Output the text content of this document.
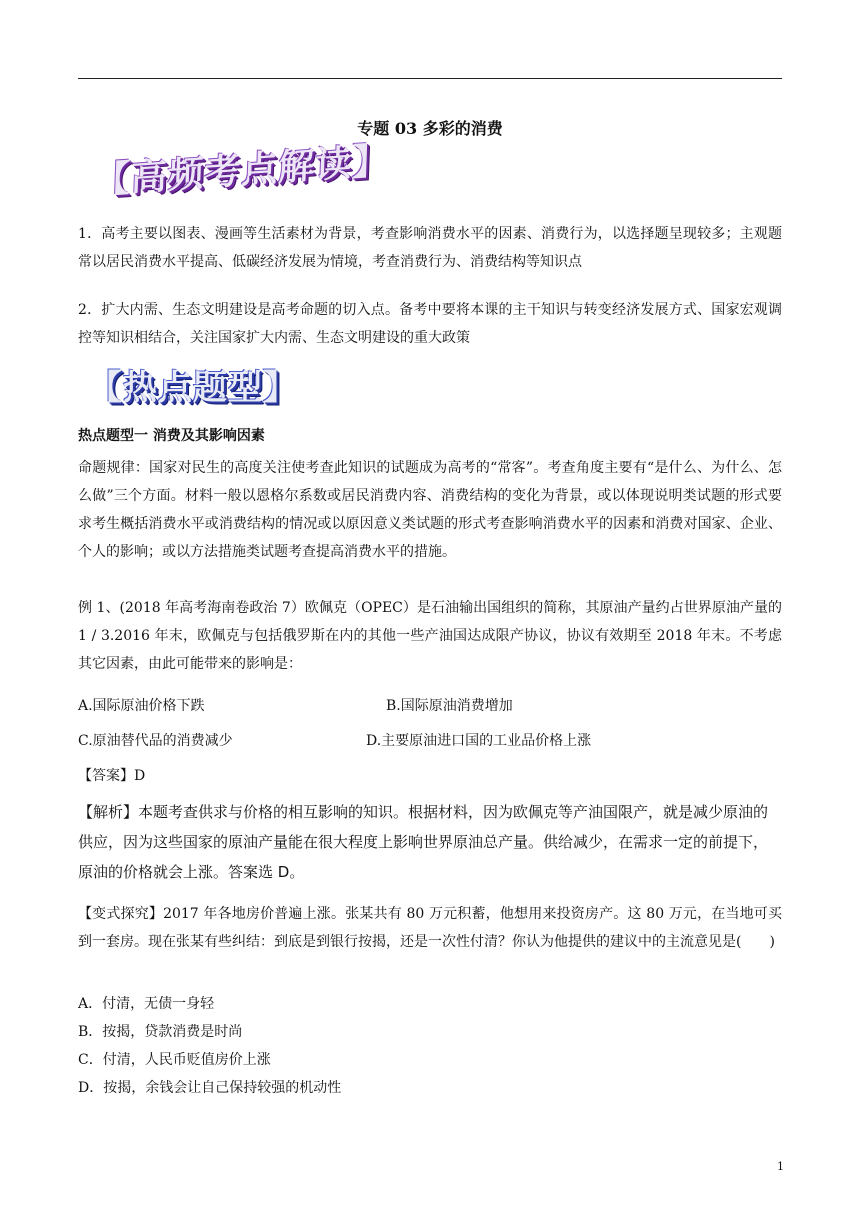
专题 03 多彩的消费
【高频考点解读】
1．高考主要以图表、漫画等生活素材为背景，考查影响消费水平的因素、消费行为，以选择题呈现较多；主观题常以居民消费水平提高、低碳经济发展为情境，考查消费行为、消费结构等知识点
2．扩大内需、生态文明建设是高考命题的切入点。备考中要将本课的主干知识与转变经济发展方式、国家宏观调控等知识相结合，关注国家扩大内需、生态文明建设的重大政策
【热点题型】
热点题型一 消费及其影响因素
命题规律：国家对民生的高度关注使考查此知识的试题成为高考的“常客”。考查角度主要有“是什么、为什么、怎么做”三个方面。材料一般以恩格尔系数或居民消费内容、消费结构的变化为背景，或以体现说明类试题的形式要求考生概括消费水平或消费结构的情况或以原因意义类试题的形式考查影响消费水平的因素和消费对国家、企业、个人的影响；或以方法措施类试题考查提高消费水平的措施。
例 1、(2018 年高考海南卷政治 7）欧佩克（OPEC）是石油输出国组织的简称，其原油产量约占世界原油产量的 1 / 3.2016 年末，欧佩克与包括俄罗斯在内的其他一些产油国达成限产协议，协议有效期至 2018 年末。不考虑其它因素，由此可能带来的影响是：
A.国际原油价格下跌	B.国际原油消费增加
C.原油替代品的消费减少	D.主要原油进口国的工业品价格上涨
【答案】D
【解析】本题考查供求与价格的相互影响的知识。根据材料，因为欧佩克等产油国限产，就是减少原油的供应，因为这些国家的原油产量能在很大程度上影响世界原油总产量。供给减少，在需求一定的前提下，原油的价格就会上涨。答案选 D。
【变式探究】2017 年各地房价普遍上涨。张某共有 80 万元积蓄，他想用来投资房产。这 80 万元，在当地可买到一套房。现在张某有些纠结：到底是到银行按揭，还是一次性付清？你认为他提供的建议中的主流意见是(　　)
A．付清，无债一身轻
B．按揭，贷款消费是时尚
C．付清，人民币贬值房价上涨
D．按揭，余钱会让自己保持较强的机动性
1
